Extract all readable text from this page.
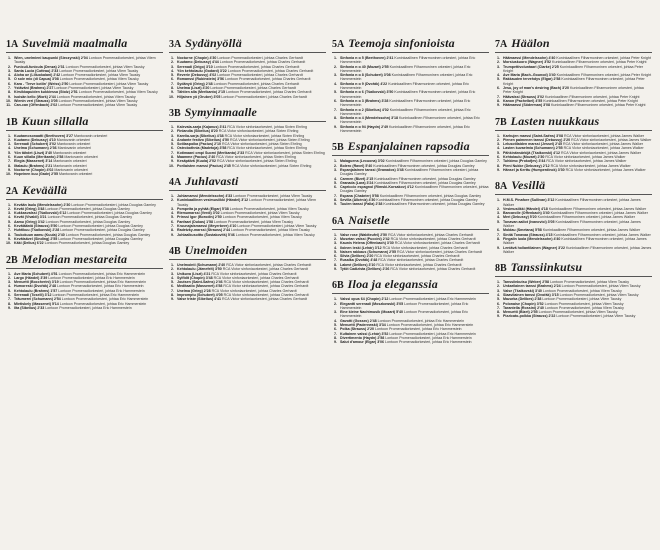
1A Suvelmiä maalmalla
1. Wien, unelmieni kaupunki (Sieczynski) 2'04 Lontoon Promenadiorkesteri, johtaa Vilem Tausky
2. Funiculi-funicula (Denza) 2'31 Lontoon Promenadiorkesteri, johtaa Vilem Tausky
3. Santa Lucia (Cottrau) 2'33 Lontoon Promenadiorkesteri, johtaa Vilem Tausky
4. Aloha oe (Liliuokalani) 2'42 Lontoon Promenadiorkesteri, johtaa Vilem Tausky
5. O sole mio (di Capua) 3'08 Lontoon Promenadiorkesteri, johtaa Vilem Tausky
6. Kara - 'Terve kotiin' (Weiss) 2'50 Lontoon Promenadiorkesteri, johtaa Vilem Tausky
7. Ystäväni (Brahms) 2'27 Lontoon Promenadiorkesteri, johtaa Vilem Tausky
8. Kirsikkapuiden kukkiessa (Stolz) 2'51 Lontoon Promenadiorkesteri, johtaa Vilem Tausky
9. Isoisän kello (Work) 2'44 Lontoon Promenadiorkesteri, johtaa Vilem Tausky
10. Wienin veri (Strauss) 3'05 Lontoon Promenadiorkesteri, johtaa Vilem Tausky
11. Can-can (Offenbach) 2'02 Lontoon Promenadiorkesteri, johtaa Vilem Tausky
1B Kuun sillalla
1. Kuutamosonaatti (Beethoven) 3'27 Mantovanin orkesteri
2. Kuutamo (Debussy) 4'10 Mantovanin orkesteri
3. Serenadi (Schubert) 3'02 Mantovanin orkesteri
4. Unelma (Schumann) 2'36 Mantovanin orkesteri
5. Yön tähdet (Liszt) 3'40 Mantovanin orkesteri
6. Kuun sillalla (Merikanto) 2'58 Mantovanin orkesteri
7. Elegia (Massenet) 3'14 Mantovanin orkesteri
8. Iltalaulu (Brahms) 2'21 Mantovanin orkesteri
9. Nocturne (Chopin) 4'02 Mantovanin orkesteri
10. Hopeinen kuu (Gade) 2'55 Mantovanin orkesteri
2A Keväällä
1. Kevään laulu (Mendelssohn) 2'30 Lontoon Promenadiorkesteri, johtaa Douglas Gamley
2. Kevät (Grieg) 3'48 Lontoon Promenadiorkesteri, johtaa Douglas Gamley
3. Kukkasvalssi (Tšaikovski) 6'12 Lontoon Promenadiorkesteri, johtaa Douglas Gamley
4. Kevät (Vivaldi) 3'21 Lontoon Promenadiorkesteri, johtaa Douglas Gamley
5. Aamu (Grieg) 3'42 Lontoon Promenadiorkesteri, johtaa Douglas Gamley
6. Kevätääniä (Strauss) 5'50 Lontoon Promenadiorkesteri, johtaa Douglas Gamley
7. Huhtikuu (Tšaikovski) 2'28 Lontoon Promenadiorkesteri, johtaa Douglas Gamley
8. Toukokuun aamu (Kuula) 2'40 Lontoon Promenadiorkesteri, johtaa Douglas Gamley
9. Kevätsävel (Sinding) 2'55 Lontoon Promenadiorkesteri, johtaa Douglas Gamley
10. Käki (Delius) 6'22 Lontoon Promenadiorkesteri, johtaa Douglas Gamley
2B Melodian mestareita
1. Ave Maria (Schubert) 4'51 Lontoon Promenadiorkesteri, johtaa Eric Hammerstein
2. Largo (Händel) 3'39 Lontoon Promenadiorkesteri, johtaa Eric Hammerstein
3. Menuetti (Boccherini) 3'19 Lontoon Promenadiorkesteri, johtaa Eric Hammerstein
4. Humoreski (Dvořák) 2'48 Lontoon Promenadiorkesteri, johtaa Eric Hammerstein
5. Kehtolaulu (Brahms) 1'57 Lontoon Promenadiorkesteri, johtaa Eric Hammerstein
6. Serenadi (Toselli) 3'12 Lontoon Promenadiorkesteri, johtaa Eric Hammerstein
7. Träumerei (Schumann) 2'54 Lontoon Promenadiorkesteri, johtaa Eric Hammerstein
8. Mietiskely (Massenet) 5'14 Lontoon Promenadiorkesteri, johtaa Eric Hammerstein
9. Ilta (Sibelius) 2'33 Lontoon Promenadiorkesteri, johtaa Eric Hammerstein
3A Sydänyöllä
1. Nocturne (Chopin) 4'30 Lontoon Promenadiorkesteri, johtaa Charles Gerhardt
2. Kuutamo (Debussy) 4'44 Lontoon Promenadiorkesteri, johtaa Charles Gerhardt
3. Serenadi (Drigo) 3'10 Lontoon Promenadiorkesteri, johtaa Charles Gerhardt
4. Yön kehtolaulu (Godard) 3'22 Lontoon Promenadiorkesteri, johtaa Charles Gerhardt
5. Reverie (Debussy) 4'02 Lontoon Promenadiorkesteri, johtaa Charles Gerhardt
6. Romanssi (Rubinstein) 3'56 Lontoon Promenadiorkesteri, johtaa Charles Gerhardt
7. Sydänyö (Grieg) 2'48 Lontoon Promenadiorkesteri, johtaa Charles Gerhardt
8. Unelma (Liszt) 4'20 Lontoon Promenadiorkesteri, johtaa Charles Gerhardt
9. Tähtien alla (Merikanto) 2'15 Lontoon Promenadiorkesteri, johtaa Charles Gerhardt
10. Hiljainen yö (Gruber) 3'05 Lontoon Promenadiorkesteri, johtaa Charles Gerhardt
3B Symyinmaalle
1. Kalevala-sarja (Kajanus) 3'41 RCA Victor sinfoniaorkesteri, johtaa Sixten Ehrling
2. Finlandia (Sibelius) 8'20 RCA Victor sinfoniaorkesteri, johtaa Sixten Ehrling
3. Karelia-sarja (Sibelius) 4'38 RCA Victor sinfoniaorkesteri, johtaa Sixten Ehrling
4. Andante festivo (Sibelius) 4'50 RCA Victor sinfoniaorkesteri, johtaa Sixten Ehrling
5. Sotilaspoika (Pacius) 2'10 RCA Victor sinfoniaorkesteri, johtaa Sixten Ehrling
6. Ostrobothnia (Madetoja) 3'58 RCA Victor sinfoniaorkesteri, johtaa Sixten Ehrling
7. Kotimaani ompi Suomi (Merikanto) 2'33 RCA Victor sinfoniaorkesteri, johtaa Sixten Ehrling
8. Maamme (Pacius) 2'40 RCA Victor sinfoniaorkesteri, johtaa Sixten Ehrling
9. Kesäpäivä (Kuula) 2'02 RCA Victor sinfoniaorkesteri, johtaa Sixten Ehrling
10. Porilaisten marssi (Pacius) 2'45 RCA Victor sinfoniaorkesteri, johtaa Sixten Ehrling
4A Juhlavasti
1. Juhlamarssi (Mendelssohn) 4'33 Lontoon Promenadiorkesteri, johtaa Vilem Tausky
2. Kuninkaallinen vesimusiikki (Händel) 3'12 Lontoon Promenadiorkesteri, johtaa Vilem Tausky
3. Pompeita ja pyhää (Elgar) 5'38 Lontoon Promenadiorkesteri, johtaa Vilem Tausky
4. Riemumarssi (Verdi) 3'02 Lontoon Promenadiorkesteri, johtaa Vilem Tausky
5. Prinssi Igor (Borodin) 2'50 Lontoon Promenadiorkesteri, johtaa Vilem Tausky
6. Fanfaari (Dukas) 1'58 Lontoon Promenadiorkesteri, johtaa Vilem Tausky
7. Kruunajaismarssi (Meyerbeer) 4'10 Lontoon Promenadiorkesteri, johtaa Vilem Tausky
8. Radetzky-marssi (Strauss) 2'44 Lontoon Promenadiorkesteri, johtaa Vilem Tausky
9. Juhlaalkusoitto (Šostakovitš) 5'46 Lontoon Promenadiorkesteri, johtaa Vilem Tausky
4B Unelmoiden
1. Unelmointi (Schumann) 2'40 RCA Victor sinfoniaorkesteri, johtaa Charles Gerhardt
2. Kehtolaulu (Järnefelt) 3'50 RCA Victor sinfoniaorkesteri, johtaa Charles Gerhardt
3. Unikuva (Liszt) 4'21 RCA Victor sinfoniaorkesteri, johtaa Charles Gerhardt
4. Sylfidit (Chopin) 3'48 RCA Victor sinfoniaorkesteri, johtaa Charles Gerhardt
5. Joutsen (Saint-Saëns) 2'46 RCA Victor sinfoniaorkesteri, johtaa Charles Gerhardt
6. Meditaatio (Massenet) 4'58 RCA Victor sinfoniaorkesteri, johtaa Charles Gerhardt
7. Unelma (Grieg) 2'28 RCA Victor sinfoniaorkesteri, johtaa Charles Gerhardt
8. Impromptu (Schubert) 4'05 RCA Victor sinfoniaorkesteri, johtaa Charles Gerhardt
9. Valse triste (Sibelius) 4'41 RCA Victor sinfoniaorkesteri, johtaa Charles Gerhardt
5A Teemoja sinfonioista
1. Sinfonia n:o 5 (Beethoven) 2'41 Kuninkaallinen Filharmoninen orkesteri, johtaa Eric Hammerstein
2. Sinfonia n:o 40 (Mozart) 2'55 Kuninkaallinen Filharmoninen orkesteri, johtaa Eric Hammerstein
3. Sinfonia n:o 8 (Schubert) 3'08 Kuninkaallinen Filharmoninen orkesteri, johtaa Eric Hammerstein
4. Sinfonia n:o 9 (Dvořák) 4'22 Kuninkaallinen Filharmoninen orkesteri, johtaa Eric Hammerstein
5. Sinfonia n:o 6 (Tšaikovski) 3'50 Kuninkaallinen Filharmoninen orkesteri, johtaa Eric Hammerstein
6. Sinfonia n:o 3 (Brahms) 3'28 Kuninkaallinen Filharmoninen orkesteri, johtaa Eric Hammerstein
7. Sinfonia n:o 2 (Sibelius) 4'02 Kuninkaallinen Filharmoninen orkesteri, johtaa Eric Hammerstein
8. Sinfonia n:o 4 (Mendelssohn) 3'18 Kuninkaallinen Filharmoninen orkesteri, johtaa Eric Hammerstein
9. Sinfonia n:o 94 (Haydn) 2'49 Kuninkaallinen Filharmoninen orkesteri, johtaa Eric Hammerstein
5B Espanjalainen rapsodia
1. Malaguena (Lecuona) 3'02 Kuninkaallinen Filharmoninen orkesteri, johtaa Douglas Gamley
2. Bolero (Ravel) 5'40 Kuninkaallinen Filharmoninen orkesteri, johtaa Douglas Gamley
3. Espanjalainen tanssi (Granados) 3'48 Kuninkaallinen Filharmoninen orkesteri, johtaa Douglas Gamley
4. Carmen (Bizet) 2'15 Kuninkaallinen Filharmoninen orkesteri, johtaa Douglas Gamley
5. Granada (Lara) 3'24 Kuninkaallinen Filharmoninen orkesteri, johtaa Douglas Gamley
6. Capriccio espagnol (Rimski-Korsakov) 4'12 Kuninkaallinen Filharmoninen orkesteri, johtaa Douglas Gamley
7. Espana (Chabrier) 5'58 Kuninkaallinen Filharmoninen orkesteri, johtaa Douglas Gamley
8. Sevilla (Albéniz) 4'30 Kuninkaallinen Filharmoninen orkesteri, johtaa Douglas Gamley
9. Tuulen tanssi (Falla) 2'38 Kuninkaallinen Filharmoninen orkesteri, johtaa Douglas Gamley
6A Naisetle
1. Valse rose (Waldteufel) 2'50 RCA Victor sinfoniaorkesteri, johtaa Charles Gerhardt
2. Musetan valssi (Puccini) 2'42 RCA Victor sinfoniaorkesteri, johtaa Charles Gerhardt
3. Kaunis Helena (Offenbach) 3'30 RCA Victor sinfoniaorkesteri, johtaa Charles Gerhardt
4. Iloinen leski (Lehár) 3'12 RCA Victor sinfoniaorkesteri, johtaa Charles Gerhardt
5. Naisen rakkaus (Schumann) 2'55 RCA Victor sinfoniaorkesteri, johtaa Charles Gerhardt
6. Silvia (Delibes) 2'20 RCA Victor sinfoniaorkesteri, johtaa Charles Gerhardt
7. Rusalka (Dvořák) 4'48 RCA Victor sinfoniaorkesteri, johtaa Charles Gerhardt
8. Lakmé (Delibes) 3'10 RCA Victor sinfoniaorkesteri, johtaa Charles Gerhardt
9. Tytöt Cadizista (Delibes) 2'26 RCA Victor sinfoniaorkesteri, johtaa Charles Gerhardt
6B Iloa ja eleganssia
1. Valssi opus 64 (Chopin) 2'12 Lontoon Promenadiorkesteri, johtaa Eric Hammerstein
2. Elegantti serenadi (Moszkowski) 3'05 Lontoon Promenadiorkesteri, johtaa Eric Hammerstein
3. Eine kleine Nachtmusik (Mozart) 5'40 Lontoon Promenadiorkesteri, johtaa Eric Hammerstein
4. Gavotti (Gossec) 2'48 Lontoon Promenadiorkesteri, johtaa Eric Hammerstein
5. Menuetti (Paderewski) 3'34 Lontoon Promenadiorkesteri, johtaa Eric Hammerstein
6. Polka (Strauss) 2'20 Lontoon Promenadiorkesteri, johtaa Eric Hammerstein
7. Kultainen valssi (Lehár) 3'52 Lontoon Promenadiorkesteri, johtaa Eric Hammerstein
8. Divertimento (Haydn) 2'58 Lontoon Promenadiorkesteri, johtaa Eric Hammerstein
9. Salut d'amour (Elgar) 3'06 Lontoon Promenadiorkesteri, johtaa Eric Hammerstein
7A Häälon
1. Häämarssi (Mendelssohn) 4'40 Kuninkaallinen Filharmoninen orkesteri, johtaa Peter Knight
2. Morsiuskuoro (Wagner) 3'52 Kuninkaallinen Filharmoninen orkesteri, johtaa Peter Knight
3. Trumpettivoluntaari (Clarke) 2'25 Kuninkaallinen Filharmoninen orkesteri, johtaa Peter Knight
4. Ave Maria (Bach–Gounod) 3'40 Kuninkaallinen Filharmoninen orkesteri, johtaa Peter Knight
5. Rakkauden tervehdys (Elgar) 2'58 Kuninkaallinen Filharmoninen orkesteri, johtaa Peter Knight
6. Jesu, joy of man's desiring (Bach) 3'20 Kuninkaallinen Filharmoninen orkesteri, johtaa Peter Knight
7. Häävalssi (Strauss) 3'02 Kuninkaallinen Filharmoninen orkesteri, johtaa Peter Knight
8. Kanon (Pachelbel) 4'55 Kuninkaallinen Filharmoninen orkesteri, johtaa Peter Knight
9. Häämarssi (Söderman) 3'08 Kuninkaallinen Filharmoninen orkesteri, johtaa Peter Knight
7B Lasten nuukkaus
1. Karhujen marssi (Saint-Saëns) 3'08 RCA Victor sinfoniaorkesteri, johtaa James Walker
2. Pienen paimenen tanssi (Debussy) 2'20 RCA Victor sinfoniaorkesteri, johtaa James Walker
3. Lelusotilaiden marssi (Jessel) 2'45 RCA Victor sinfoniaorkesteri, johtaa James Walker
4. Lasten kuvaelmia (Schumann) 2'55 RCA Victor sinfoniaorkesteri, johtaa James Walker
5. Pähkinänsärkijä (Tšaikovski) 4'12 RCA Victor sinfoniaorkesteri, johtaa James Walker
6. Kehtolaulu (Mozart) 2'30 RCA Victor sinfoniaorkesteri, johtaa James Walker
7. Tuhkimo (Prokofjev) 3'44 RCA Victor sinfoniaorkesteri, johtaa James Walker
8. Pieni Nukke (Debussy) 2'12 RCA Victor sinfoniaorkesteri, johtaa James Walker
9. Hänsel ja Kerttu (Humperdinck) 3'30 RCA Victor sinfoniaorkesteri, johtaa James Walker
8A Vesillä
1. H.M.S. Pinafore (Sullivan) 3'12 Kuninkaallinen Filharmoninen orkesteri, johtaa James Walker
2. Vesimusiikki (Händel) 4'18 Kuninkaallinen Filharmoninen orkesteri, johtaa James Walker
3. Barcarolle (Offenbach) 3'40 Kuninkaallinen Filharmoninen orkesteri, johtaa James Walker
4. Meri (Debussy) 5'20 Kuninkaallinen Filharmoninen orkesteri, johtaa James Walker
5. Tonavan aallot (Ivanovici) 3'05 Kuninkaallinen Filharmoninen orkesteri, johtaa James Walker
6. Moldau (Smetana) 5'58 Kuninkaallinen Filharmoninen orkesteri, johtaa James Walker
7. Sinitä Tonavaa (Strauss) 4'15 Kuninkaallinen Filharmoninen orkesteri, johtaa James Walker
8. Fingalin luola (Mendelssohn) 4'40 Kuninkaallinen Filharmoninen orkesteri, johtaa James Walker
9. Lentävä hollantilainen (Wagner) 3'22 Kuninkaallinen Filharmoninen orkesteri, johtaa James Walker
8B Tanssiinkutsu
1. Tanssiinkutsu (Weber) 2'58 Lontoon Promenadiorkesteri, johtaa Vilem Tausky
2. Unkarilainen tanssi (Brahms) 2'24 Lontoon Promenadiorkesteri, johtaa Vilem Tausky
3. Valse (Tšaikovski) 3'40 Lontoon Promenadiorkesteri, johtaa Vilem Tausky
4. Slaavilainen tanssi (Dvořák) 3'15 Lontoon Promenadiorkesteri, johtaa Vilem Tausky
5. Mazurka (Delibes) 2'38 Lontoon Promenadiorkesteri, johtaa Vilem Tausky
6. Polonaise (Chopin) 3'52 Lontoon Promenadiorkesteri, johtaa Vilem Tausky
7. Tarantella (Rossini) 2'40 Lontoon Promenadiorkesteri, johtaa Vilem Tausky
8. Menuetti (Bizet) 2'55 Lontoon Promenadiorkesteri, johtaa Vilem Tausky
9. Pizzicato-polkka (Strauss) 2'22 Lontoon Promenadiorkesteri, johtaa Vilem Tausky
